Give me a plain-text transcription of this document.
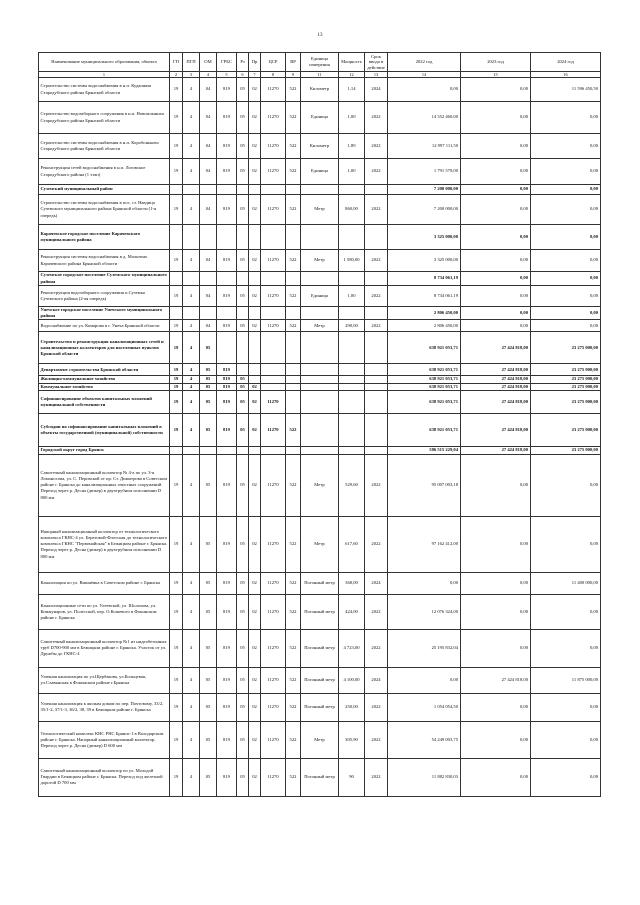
13
Наименование муниципального образования, объекта	ГП	ПГП	ОМ	ГРБС	Рз	Пр	ЦСР	ВР	Единица измерения	Мощность	Срок ввода в действие	2022 год	2023 год	2024 год
1	2	3	4	5	6	7	8	9	11	12	13	14	15	16
Строительство системы водоснабжения в н.п. Кудашкин Стародубского района Брянской области	19	4	04	819	05	02	11270	522	Километр	1,14	2024	0,00	0,00	11 596 450,50
Строительство водозаборного сооружения в н.п. Новомлыниха Стародубского района Брянской области	19	4	04	819	05	02	11270	522	Единица	1,00	2022	14 552 460,00	0,00	0,00
Строительство системы водоснабжения в н.п. Коробоньково Стародубского района Брянской области	19	4	04	819	05	02	11270	522	Километр	1,89	2022	12 997 111,50	0,00	0,00
Реконструкция сетей водоснабжения в н.п. Логовское Стародубского района (1 этап)	19	4	04	819	05	02	11270	522	Единица	1,00	2022	1 791 579,00	0,00	0,00
Суземский муниципальный район												7 200 000,00	0,00	0,00
Строительство системы водоснабжения в пос. ст. Навдица Суземского муниципального района Брянской области (1-я очередь)	19	4	04	819	05	02	11270	522	Метр	860,00	2022	7 200 000,00	0,00	0,00
Карачевское городское поселение Карачевского муниципального района												3 325 000,00	0,00	0,00
Реконструкция системы водоснабжения в д. Мальтино Карачевского района Брянской области	19	4	04	819	05	02	11270	522	Метр	1 580,00	2022	3 325 000,00	0,00	0,00
Суземское городское поселение Суземского муниципального района												8 734 061,19	0,00	0,00
Реконструкция водозаборного сооружения п.Суземка Суземского района (2-ая очередь)	19	4	04	819	05	02	11270	522	Единица	1,00	2022	8 734 061,19	0,00	0,00
Унечское городское поселение Унечского муниципального района												2 806 450,00	0,00	0,00
Водоснабжение по ул. Комарова в г. Унеча Брянской области	19	4	04	819	05	02	11270	522	Метр	290,00	2022	2 806 450,00	0,00	0,00
Строительство и реконструкция канализационных сетей и канализационных коллекторов для населенных пунктов Брянской области	19	4	05									638 921 053,71	27 424 818,00	23 275 000,00
Департамент строительства Брянской области	19	4	05	819								638 921 053,71	27 424 818,00	23 275 000,00
Жилищно-коммунальное хозяйство	19	4	05	819	05							638 921 053,71	27 424 818,00	23 275 000,00
Коммунальное хозяйство	19	4	05	819	05	02						638 921 053,71	27 424 818,00	23 275 000,00
Софинансирование объектов капитальных вложений муниципальной собственности	19	4	05	819	05	02	11270					638 921 053,71	27 424 818,00	23 275 000,00
Субсидии на софинансирование капитальных вложений в объекты государственной (муниципальной) собственности	19	4	05	819	05	02	11270	522				638 921 053,71	27 424 818,00	23 275 000,00
Городской округ город Брянск												586 515 229,04	27 424 818,00	23 275 000,00
Самотечный канализационный коллектор № 4-а по ул. 3-я Ломоносова, ул. С. Перовской от пр. Ст. Димитрова в Советском районе г. Брянска до канализационных очистных сооружений. Переход через р. Десна (дюкер) в двухтрубном исполнении D 800 мм	19	4	05	819	05	02	11270	522	Метр	529,60	2022	95 007 003,18	0,00	0,00
Напорный канализационный коллектор от технологического комплекса ГКНС-4 ул. Береговой-Флотская до технологического комплекса ГКНС "Первомайская" в Бежицком районе г. Брянска. Переход через р. Десна (дюкер) в двухтрубном исполнении D 800 мм	19	4	05	819	05	02	11270	522	Метр	617,60	2022	97 162 412,00	0,00	0,00
Канализация по ул. Вишнёвка в Советском районе г. Брянска	19	4	05	819	05	02	11270	522	Погонный метр	368,00	2024	0,00	0,00	11 400 000,00
Канализационные сети по ул. Улеевской, ул. Шолохова, ул. Коммунаров, ул. Полесской, пер. О.Кошевого в Фокинском районе г. Брянска	19	4	05	819	05	02	11270	522	Погонный метр	424,00	2022	12 076 324,00	0,00	0,00
Самотечный канализационный коллектор №1 из нидеобетонных труб D700-900 мм в Бежицком районе г. Брянска. Участок от ул. Дружбы до ГКНС-4	19	4	05	819	05	02	11270	522	Погонный метр	4 723,00	2022	25 195 832,04	0,00	0,00
Уличная канализация по ул.Щербакова, ул.Кольцевая, ул.Славянская в Фокинском районе г.Брянска	19	4	05	819	05	02	11270	522	Погонный метр	4 100,00	2024	0,00	27 424 818,00	11 875 000,00
Уличная канализация к жилым домам по пер. Почтовому, 33/2, 35/1-2, 37/1-3, 36/2, 38, 39 в Бежицком районе г. Брянска	19	4	05	819	05	02	11270	522	Погонный метр	250,00	2022	1 054 054,50	0,00	0,00
Технологический комплекс КНС РНС Брянск-1 в Володарском районе г. Брянска. Напорный канализационный коллектор. Переход через р. Десна (дюкер) D 600 мм	19	4	05	819	05	02	11270	522	Метр	305,90	2022	54 249 003,75	0,00	0,00
Самотечный канализационный коллектор по ул. Молодой Гвардии в Бежицком районе г. Брянска. Переход под железной дорогой D 700 мм	19	4	05	819	05	02	11270	522	Погонный метр	90	2022	11 882 830,03	0,00	0,00
